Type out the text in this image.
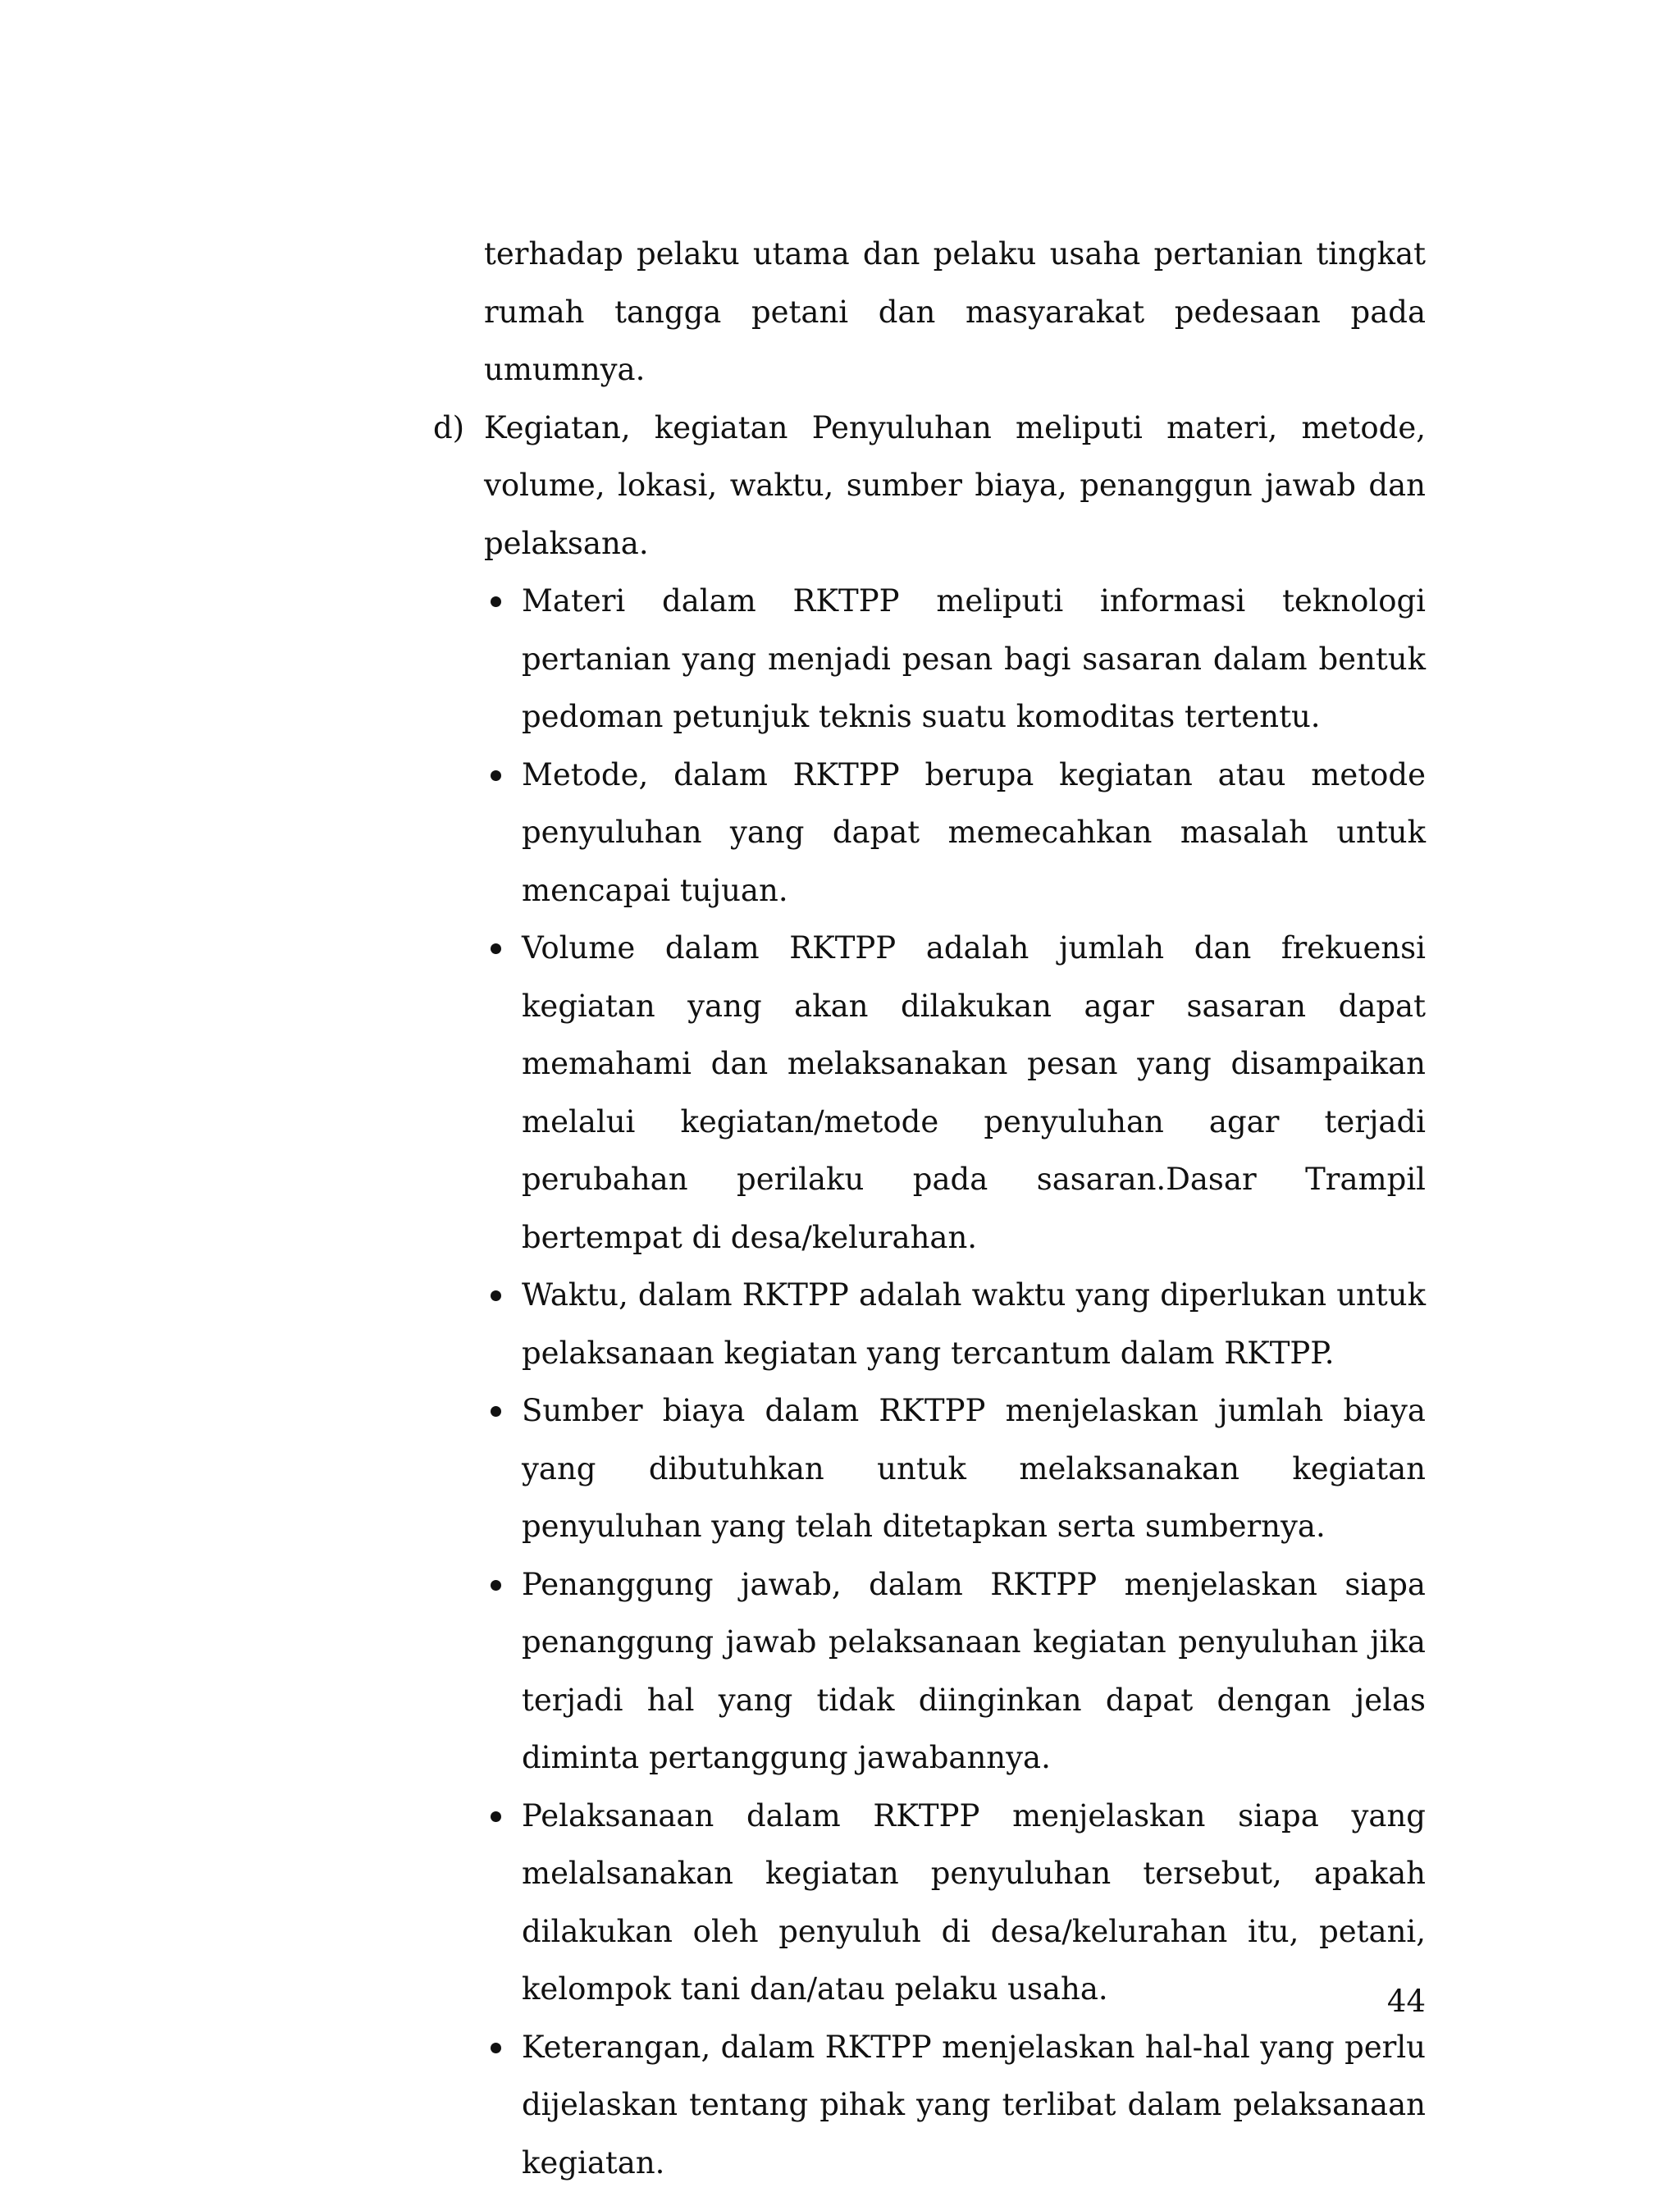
terhadap pelaku utama dan pelaku usaha pertanian tingkat rumah tangga petani dan masyarakat pedesaan pada umumnya.
d) Kegiatan, kegiatan Penyuluhan meliputi materi, metode, volume, lokasi, waktu, sumber biaya, penanggun jawab dan pelaksana.
Materi dalam RKTPP meliputi informasi teknologi pertanian yang menjadi pesan bagi sasaran dalam bentuk pedoman petunjuk teknis suatu komoditas tertentu.
Metode, dalam RKTPP berupa kegiatan atau metode penyuluhan yang dapat memecahkan masalah untuk mencapai tujuan.
Volume dalam RKTPP adalah jumlah dan frekuensi kegiatan yang akan dilakukan agar sasaran dapat memahami dan melaksanakan pesan yang disampaikan melalui kegiatan/metode penyuluhan agar terjadi perubahan perilaku pada sasaran.Dasar Trampil bertempat di desa/kelurahan.
Waktu, dalam RKTPP adalah waktu yang diperlukan untuk pelaksanaan kegiatan yang tercantum dalam RKTPP.
Sumber biaya dalam RKTPP menjelaskan jumlah biaya yang dibutuhkan untuk melaksanakan kegiatan penyuluhan yang telah ditetapkan serta sumbernya.
Penanggung jawab, dalam RKTPP menjelaskan siapa penanggung jawab pelaksanaan kegiatan penyuluhan jika terjadi hal yang tidak diinginkan dapat dengan jelas diminta pertanggung jawabannya.
Pelaksanaan dalam RKTPP menjelaskan siapa yang melalsanakan kegiatan penyuluhan tersebut, apakah dilakukan oleh penyuluh di desa/kelurahan itu, petani, kelompok tani dan/atau pelaku usaha.
Keterangan, dalam RKTPP menjelaskan hal-hal yang perlu dijelaskan tentang pihak yang terlibat dalam pelaksanaan kegiatan.
44
